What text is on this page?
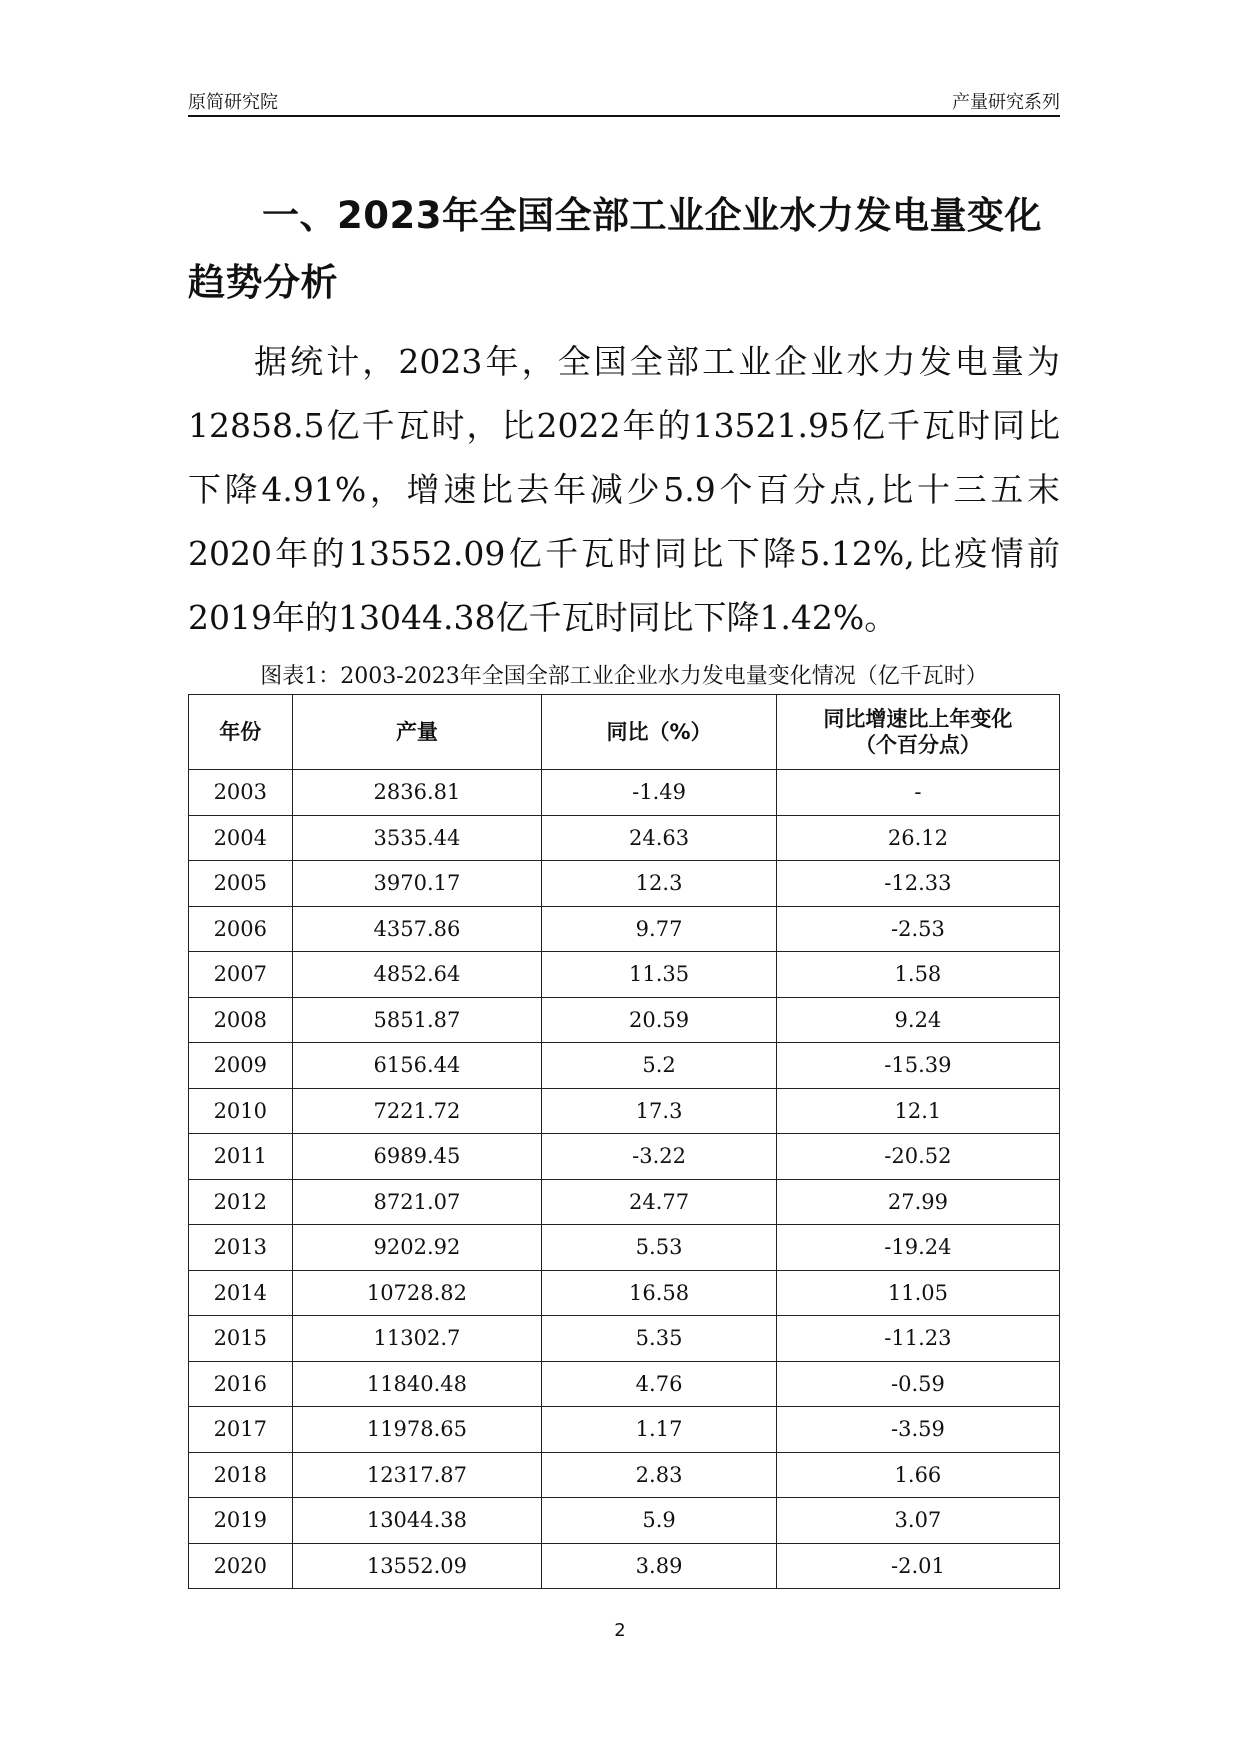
原简研究院	产量研究系列
一、2023年全国全部工业企业水力发电量变化趋势分析

据统计，2023年，全国全部工业企业水力发电量为12858.5亿千瓦时，比2022年的13521.95亿千瓦时同比下降4.91%，增速比去年减少5.9个百分点,比十三五末2020年的13552.09亿千瓦时同比下降5.12%,比疫情前2019年的13044.38亿千瓦时同比下降1.42%。

图表1：2003-2023年全国全部工业企业水力发电量变化情况（亿千瓦时）
年份	产量	同比（%）	同比增速比上年变化
（个百分点）
2003	2836.81	-1.49	-
2004	3535.44	24.63	26.12
2005	3970.17	12.3	-12.33
2006	4357.86	9.77	-2.53
2007	4852.64	11.35	1.58
2008	5851.87	20.59	9.24
2009	6156.44	5.2	-15.39
2010	7221.72	17.3	12.1
2011	6989.45	-3.22	-20.52
2012	8721.07	24.77	27.99
2013	9202.92	5.53	-19.24
2014	10728.82	16.58	11.05
2015	11302.7	5.35	-11.23
2016	11840.48	4.76	-0.59
2017	11978.65	1.17	-3.59
2018	12317.87	2.83	1.66
2019	13044.38	5.9	3.07
2020	13552.09	3.89	-2.01
2
